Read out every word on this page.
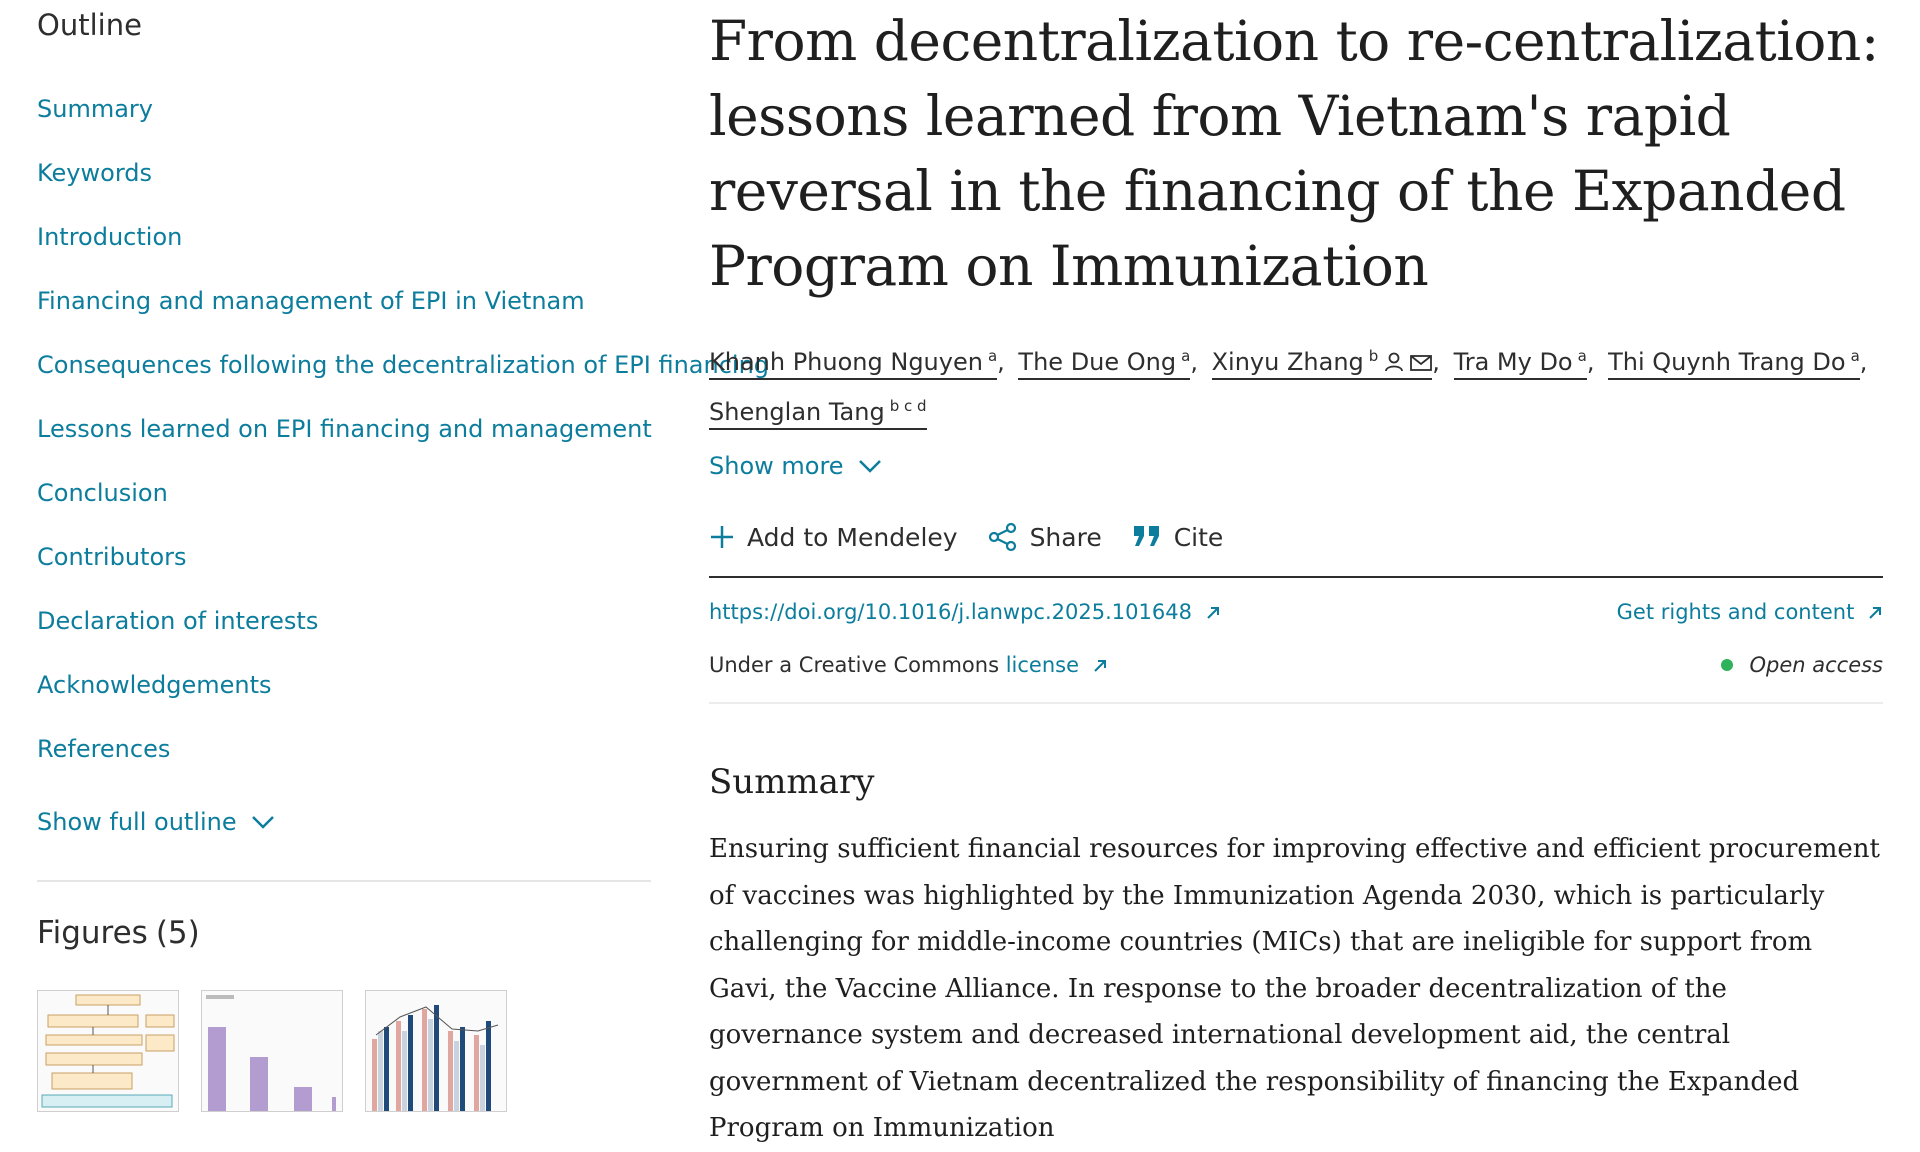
Outline
Summary
Keywords
Introduction
Financing and management of EPI in Vietnam
Consequences following the decentralization of EPI financing
Lessons learned on EPI financing and management
Conclusion
Contributors
Declaration of interests
Acknowledgements
References
Show full outline
Figures (5)
From decentralization to re-centralization: lessons learned from Vietnam's rapid reversal in the financing of the Expanded Program on Immunization
Khanh Phuong Nguyen $^a$, The Due Ong $^a$, Xinyu Zhang $^b$ , Tra My Do $^a$, Thi Quynh Trang Do $^a$, Shenglan Tang $^{b c d}$
Show more
Add to Mendeley	Share	Cite
https://doi.org/10.1016/j.lanwpc.2025.101648	Get rights and content
Under a Creative Commons license	Open access
Summary

Ensuring sufficient financial resources for improving effective and efficient procurement of vaccines was highlighted by the Immunization Agenda 2030, which is particularly challenging for middle-income countries (MICs) that are ineligible for support from Gavi, the Vaccine Alliance. In response to the broader decentralization of the governance system and decreased international development aid, the central government of Vietnam decentralized the responsibility of financing the Expanded Program on Immunization
